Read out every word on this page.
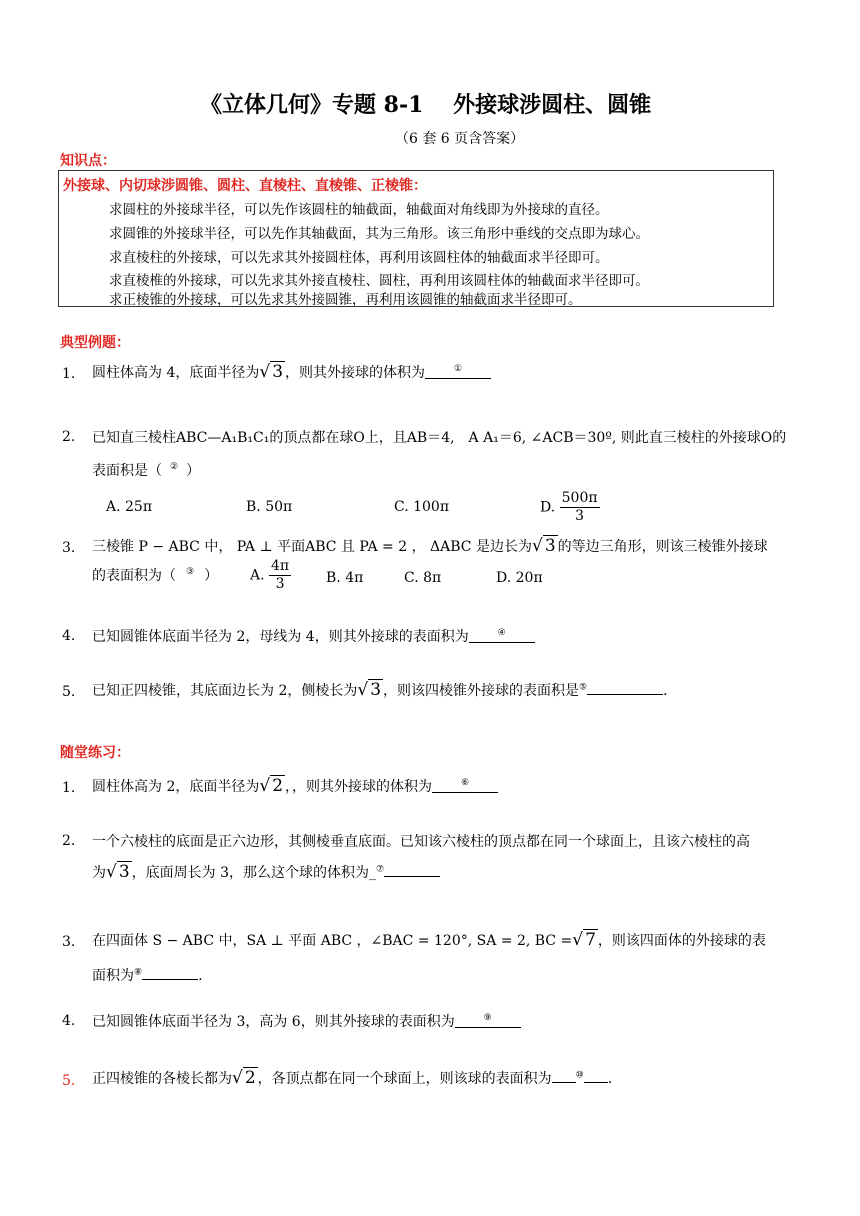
《立体几何》专题 8-1　 外接球涉圆柱、圆锥
（6 套 6 页含答案）
知识点：
外接球、内切球涉圆锥、圆柱、直棱柱、直棱锥、正棱锥：
求圆柱的外接球半径，可以先作该圆柱的轴截面，轴截面对角线即为外接球的直径。
求圆锥的外接球半径，可以先作其轴截面，其为三角形。该三角形中垂线的交点即为球心。
求直棱柱的外接球，可以先求其外接圆柱体，再利用该圆柱体的轴截面求半径即可。
求直棱椎的外接球，可以先求其外接直棱柱、圆柱，再利用该圆柱体的轴截面求半径即可。
求正棱锥的外接球，可以先求其外接圆锥，再利用该圆锥的轴截面求半径即可。
典型例题：
1. 圆柱体高为 4，底面半径为√ 3 ，则其外接球的体积为	①
2. 已知直三棱柱ABC—A₁B₁C₁的顶点都在球O上，且AB＝4,　A A₁＝6, ∠ACB＝30º, 则此直三棱柱的外接球O的
表面积是（ ② ）
A. 25π	B. 50π	C. 100π	D. $\frac{500\pi}{3}$
3. 三棱锥 P − ABC 中， PA ⊥ 平面ABC 且 PA = 2 ， ΔABC 是边长为√ 3 的等边三角形，则该三棱锥外接球
的表面积为（ ③ ） A. $\frac{4\pi}{3} B$. 4π	C. 8π	D. 20π
4. 已知圆锥体底面半径为 2，母线为 4，则其外接球的表面积为	④
5. 已知正四棱锥，其底面边长为 2，侧棱长为√ 3 ，则该四棱锥外接球的表面积是⑤	.
随堂练习：
1. 圆柱体高为 2，底面半径为√ 2 ，，则其外接球的体积为	⑥
2. 一个六棱柱的底面是正六边形，其侧棱垂直底面。已知该六棱柱的顶点都在同一个球面上，且该六棱柱的高
为√ 3 ，底面周长为 3，那么这个球的体积为_⑦
3. 在四面体 S − ABC 中，SA ⊥ 平面 ABC ，∠BAC = 120°, SA = 2, BC =√ 7 ，则该四面体的外接球的表
面积为⑧	.
4. 已知圆锥体底面半径为 3，高为 6，则其外接球的表面积为	⑨
5. 正四棱锥的各棱长都为√ 2 ，各顶点都在同一个球面上，则该球的表面积为	⑩ .
